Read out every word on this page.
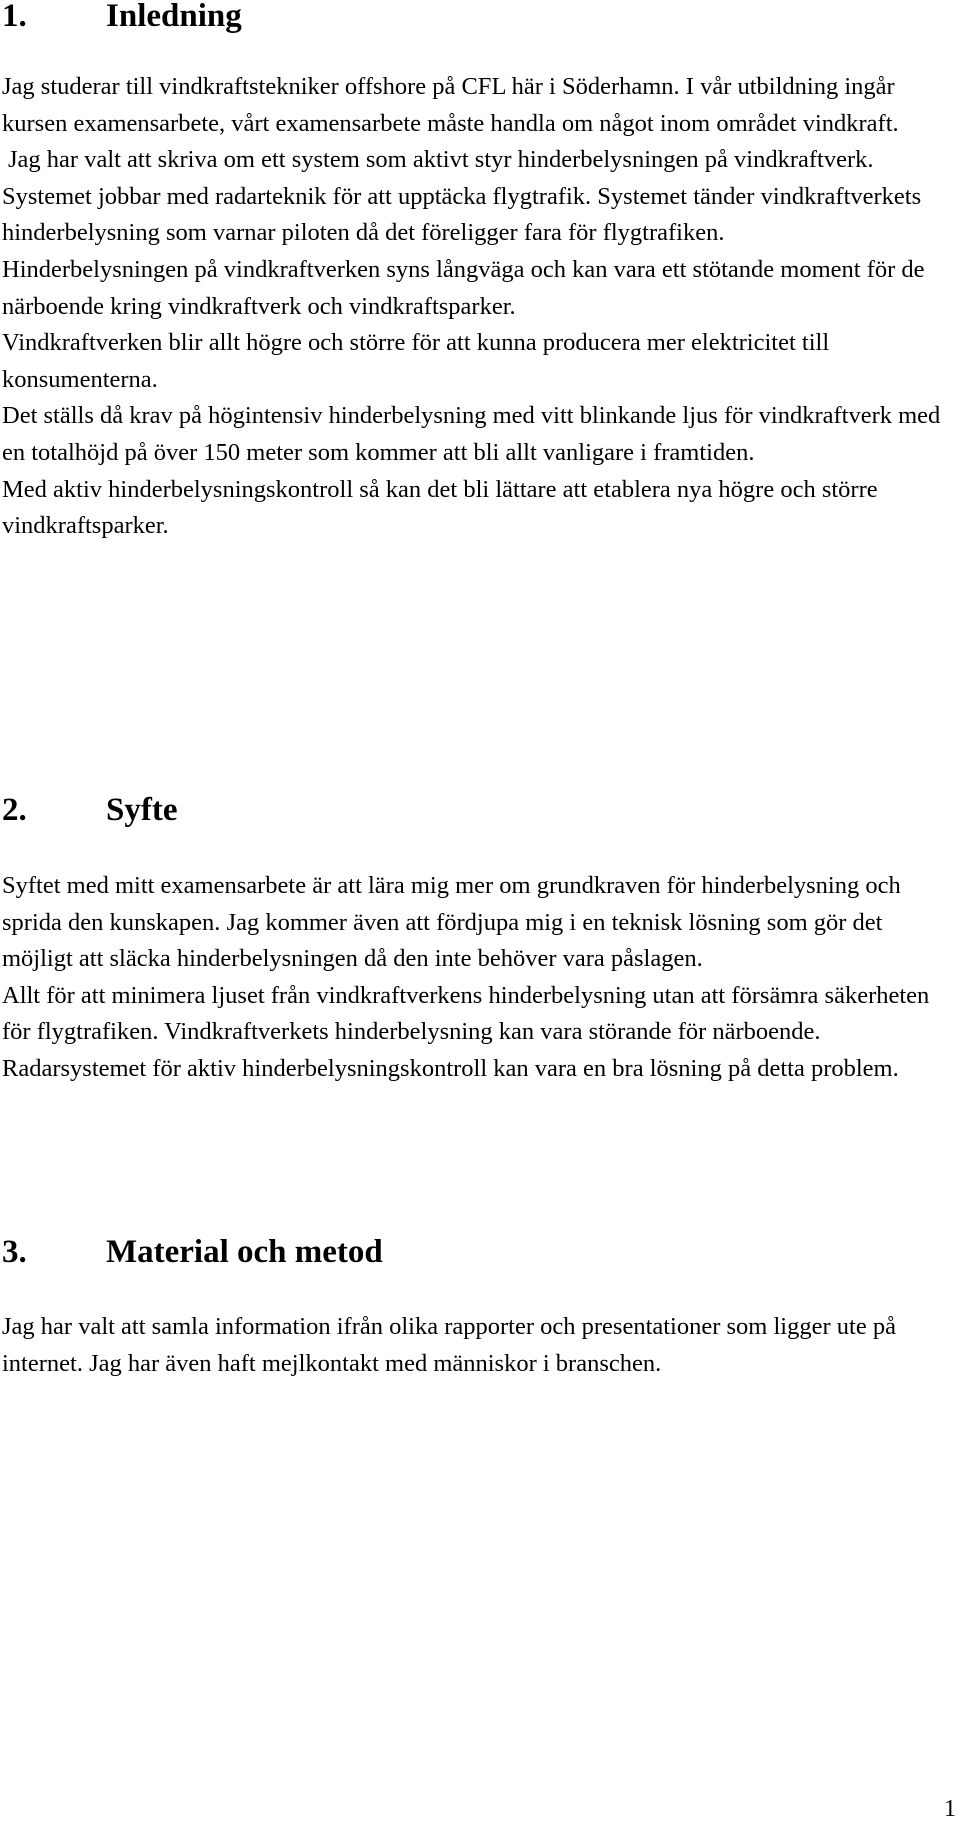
1. Inledning

Jag studerar till vindkraftstekniker offshore på CFL här i Söderhamn. I vår utbildning ingår kursen examensarbete, vårt examensarbete måste handla om något inom området vindkraft.

Jag har valt att skriva om ett system som aktivt styr hinderbelysningen på vindkraftverk.

Systemet jobbar med radarteknik för att upptäcka flygtrafik. Systemet tänder vindkraftverkets hinderbelysning som varnar piloten då det föreligger fara för flygtrafiken.

Hinderbelysningen på vindkraftverken syns långväga och kan vara ett stötande moment för de närboende kring vindkraftverk och vindkraftsparker.

Vindkraftverken blir allt högre och större för att kunna producera mer elektricitet till konsumenterna.

Det ställs då krav på högintensiv hinderbelysning med vitt blinkande ljus för vindkraftverk med en totalhöjd på över 150 meter som kommer att bli allt vanligare i framtiden.

Med aktiv hinderbelysningskontroll så kan det bli lättare att etablera nya högre och större vindkraftsparker.

2. Syfte

Syftet med mitt examensarbete är att lära mig mer om grundkraven för hinderbelysning och sprida den kunskapen. Jag kommer även att fördjupa mig i en teknisk lösning som gör det möjligt att släcka hinderbelysningen då den inte behöver vara påslagen.

Allt för att minimera ljuset från vindkraftverkens hinderbelysning utan att försämra säkerheten för flygtrafiken. Vindkraftverkets hinderbelysning kan vara störande för närboende. Radarsystemet för aktiv hinderbelysningskontroll kan vara en bra lösning på detta problem.

3. Material och metod

Jag har valt att samla information ifrån olika rapporter och presentationer som ligger ute på internet. Jag har även haft mejlkontakt med människor i branschen.

1
